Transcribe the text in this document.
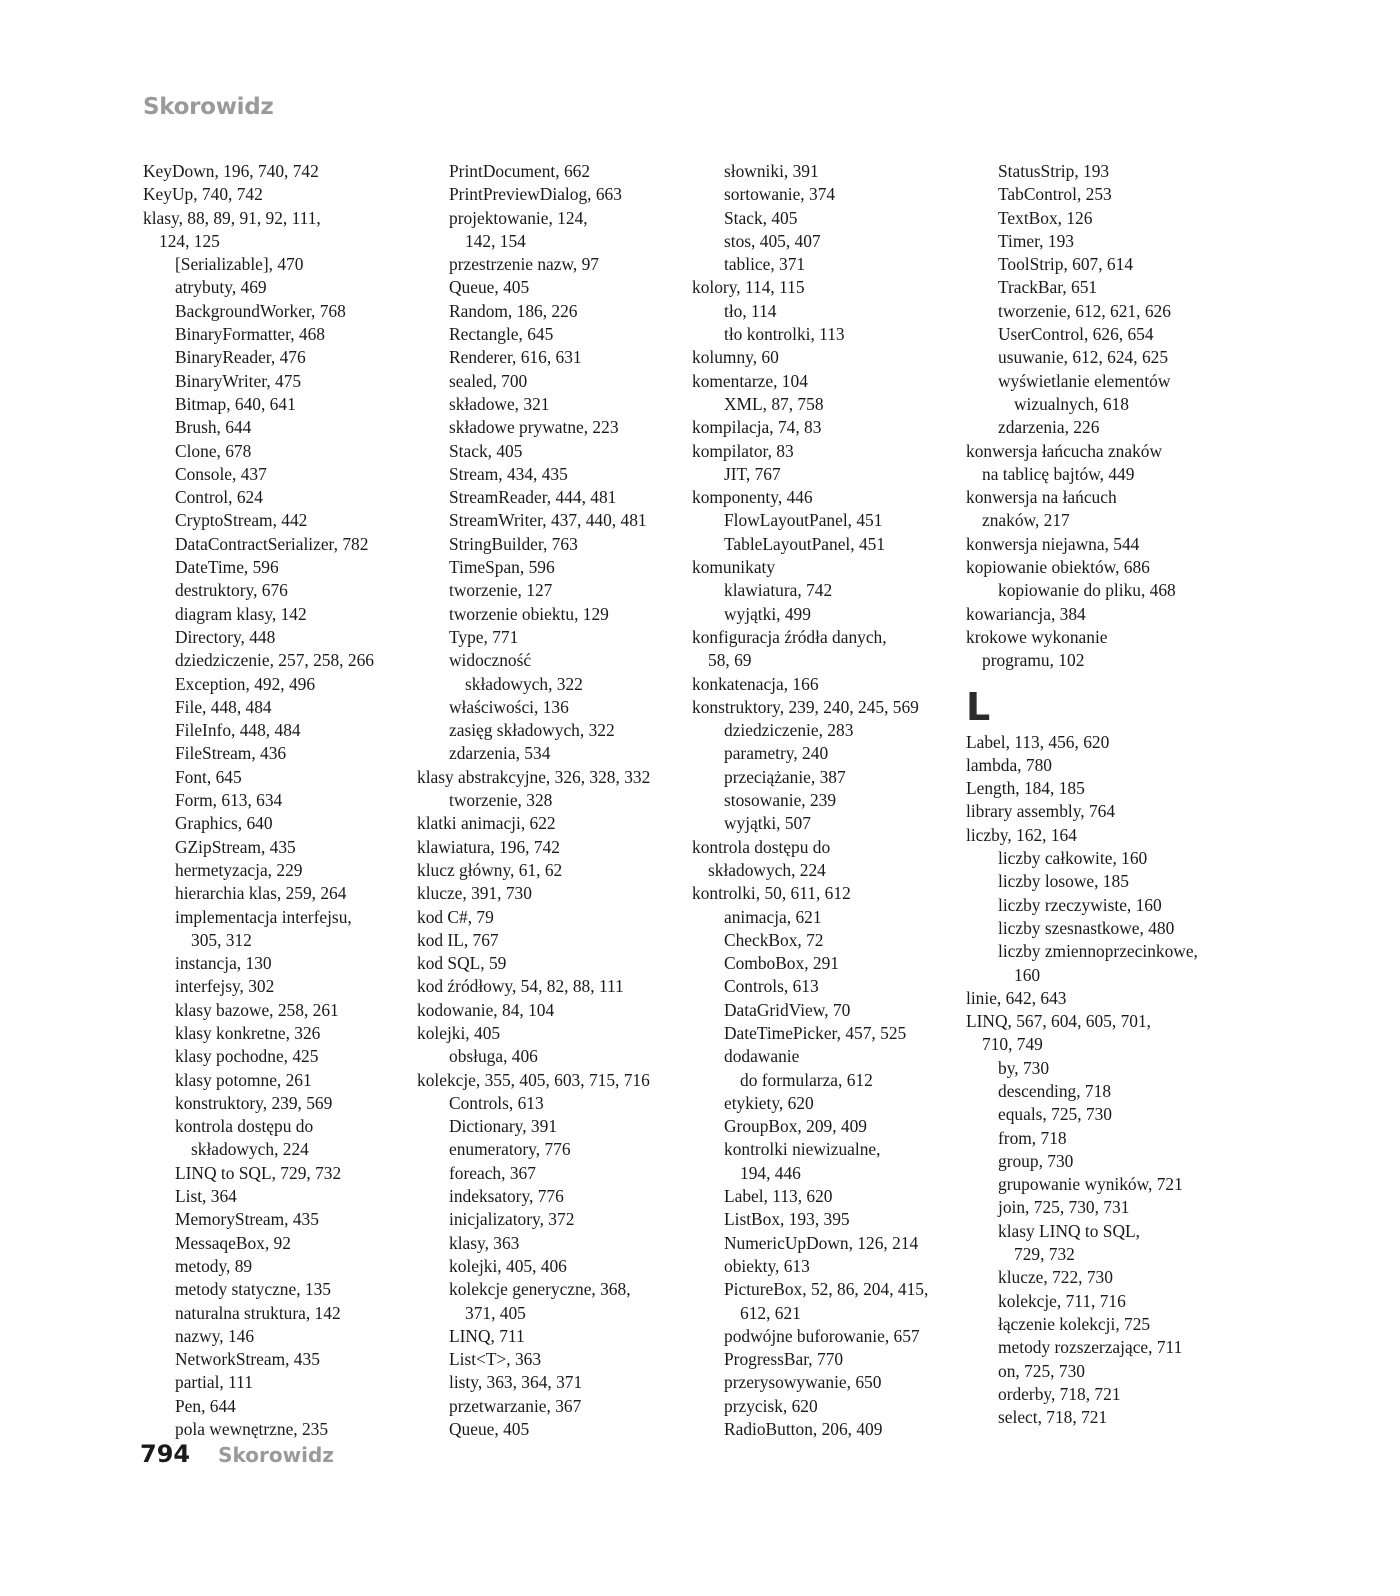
Skorowidz
KeyDown, 196, 740, 742
KeyUp, 740, 742
klasy, 88, 89, 91, 92, 111,
124, 125
[Serializable], 470
atrybuty, 469
BackgroundWorker, 768
BinaryFormatter, 468
BinaryReader, 476
BinaryWriter, 475
Bitmap, 640, 641
Brush, 644
Clone, 678
Console, 437
Control, 624
CryptoStream, 442
DataContractSerializer, 782
DateTime, 596
destruktory, 676
diagram klasy, 142
Directory, 448
dziedziczenie, 257, 258, 266
Exception, 492, 496
File, 448, 484
FileInfo, 448, 484
FileStream, 436
Font, 645
Form, 613, 634
Graphics, 640
GZipStream, 435
hermetyzacja, 229
hierarchia klas, 259, 264
implementacja interfejsu,
305, 312
instancja, 130
interfejsy, 302
klasy bazowe, 258, 261
klasy konkretne, 326
klasy pochodne, 425
klasy potomne, 261
konstruktory, 239, 569
kontrola dostępu do
składowych, 224
LINQ to SQL, 729, 732
List, 364
MemoryStream, 435
MessaqeBox, 92
metody, 89
metody statyczne, 135
naturalna struktura, 142
nazwy, 146
NetworkStream, 435
partial, 111
Pen, 644
pola wewnętrzne, 235
PrintDocument, 662
PrintPreviewDialog, 663
projektowanie, 124,
142, 154
przestrzenie nazw, 97
Queue, 405
Random, 186, 226
Rectangle, 645
Renderer, 616, 631
sealed, 700
składowe, 321
składowe prywatne, 223
Stack, 405
Stream, 434, 435
StreamReader, 444, 481
StreamWriter, 437, 440, 481
StringBuilder, 763
TimeSpan, 596
tworzenie, 127
tworzenie obiektu, 129
Type, 771
widoczność
składowych, 322
właściwości, 136
zasięg składowych, 322
zdarzenia, 534
klasy abstrakcyjne, 326, 328, 332
tworzenie, 328
klatki animacji, 622
klawiatura, 196, 742
klucz główny, 61, 62
klucze, 391, 730
kod C#, 79
kod IL, 767
kod SQL, 59
kod źródłowy, 54, 82, 88, 111
kodowanie, 84, 104
kolejki, 405
obsługa, 406
kolekcje, 355, 405, 603, 715, 716
Controls, 613
Dictionary, 391
enumeratory, 776
foreach, 367
indeksatory, 776
inicjalizatory, 372
klasy, 363
kolejki, 405, 406
kolekcje generyczne, 368,
371, 405
LINQ, 711
List<T>, 363
listy, 363, 364, 371
przetwarzanie, 367
Queue, 405
słowniki, 391
sortowanie, 374
Stack, 405
stos, 405, 407
tablice, 371
kolory, 114, 115
tło, 114
tło kontrolki, 113
kolumny, 60
komentarze, 104
XML, 87, 758
kompilacja, 74, 83
kompilator, 83
JIT, 767
komponenty, 446
FlowLayoutPanel, 451
TableLayoutPanel, 451
komunikaty
klawiatura, 742
wyjątki, 499
konfiguracja źródła danych,
58, 69
konkatenacja, 166
konstruktory, 239, 240, 245, 569
dziedziczenie, 283
parametry, 240
przeciążanie, 387
stosowanie, 239
wyjątki, 507
kontrola dostępu do
składowych, 224
kontrolki, 50, 611, 612
animacja, 621
CheckBox, 72
ComboBox, 291
Controls, 613
DataGridView, 70
DateTimePicker, 457, 525
dodawanie
do formularza, 612
etykiety, 620
GroupBox, 209, 409
kontrolki niewizualne,
194, 446
Label, 113, 620
ListBox, 193, 395
NumericUpDown, 126, 214
obiekty, 613
PictureBox, 52, 86, 204, 415,
612, 621
podwójne buforowanie, 657
ProgressBar, 770
przerysowywanie, 650
przycisk, 620
RadioButton, 206, 409
StatusStrip, 193
TabControl, 253
TextBox, 126
Timer, 193
ToolStrip, 607, 614
TrackBar, 651
tworzenie, 612, 621, 626
UserControl, 626, 654
usuwanie, 612, 624, 625
wyświetlanie elementów
wizualnych, 618
zdarzenia, 226
konwersja łańcucha znaków
na tablicę bajtów, 449
konwersja na łańcuch
znaków, 217
konwersja niejawna, 544
kopiowanie obiektów, 686
kopiowanie do pliku, 468
kowariancja, 384
krokowe wykonanie
programu, 102
L
Label, 113, 456, 620
lambda, 780
Length, 184, 185
library assembly, 764
liczby, 162, 164
liczby całkowite, 160
liczby losowe, 185
liczby rzeczywiste, 160
liczby szesnastkowe, 480
liczby zmiennoprzecinkowe,
160
linie, 642, 643
LINQ, 567, 604, 605, 701,
710, 749
by, 730
descending, 718
equals, 725, 730
from, 718
group, 730
grupowanie wyników, 721
join, 725, 730, 731
klasy LINQ to SQL,
729, 732
klucze, 722, 730
kolekcje, 711, 716
łączenie kolekcji, 725
metody rozszerzające, 711
on, 725, 730
orderby, 718, 721
select, 718, 721
794 Skorowidz
